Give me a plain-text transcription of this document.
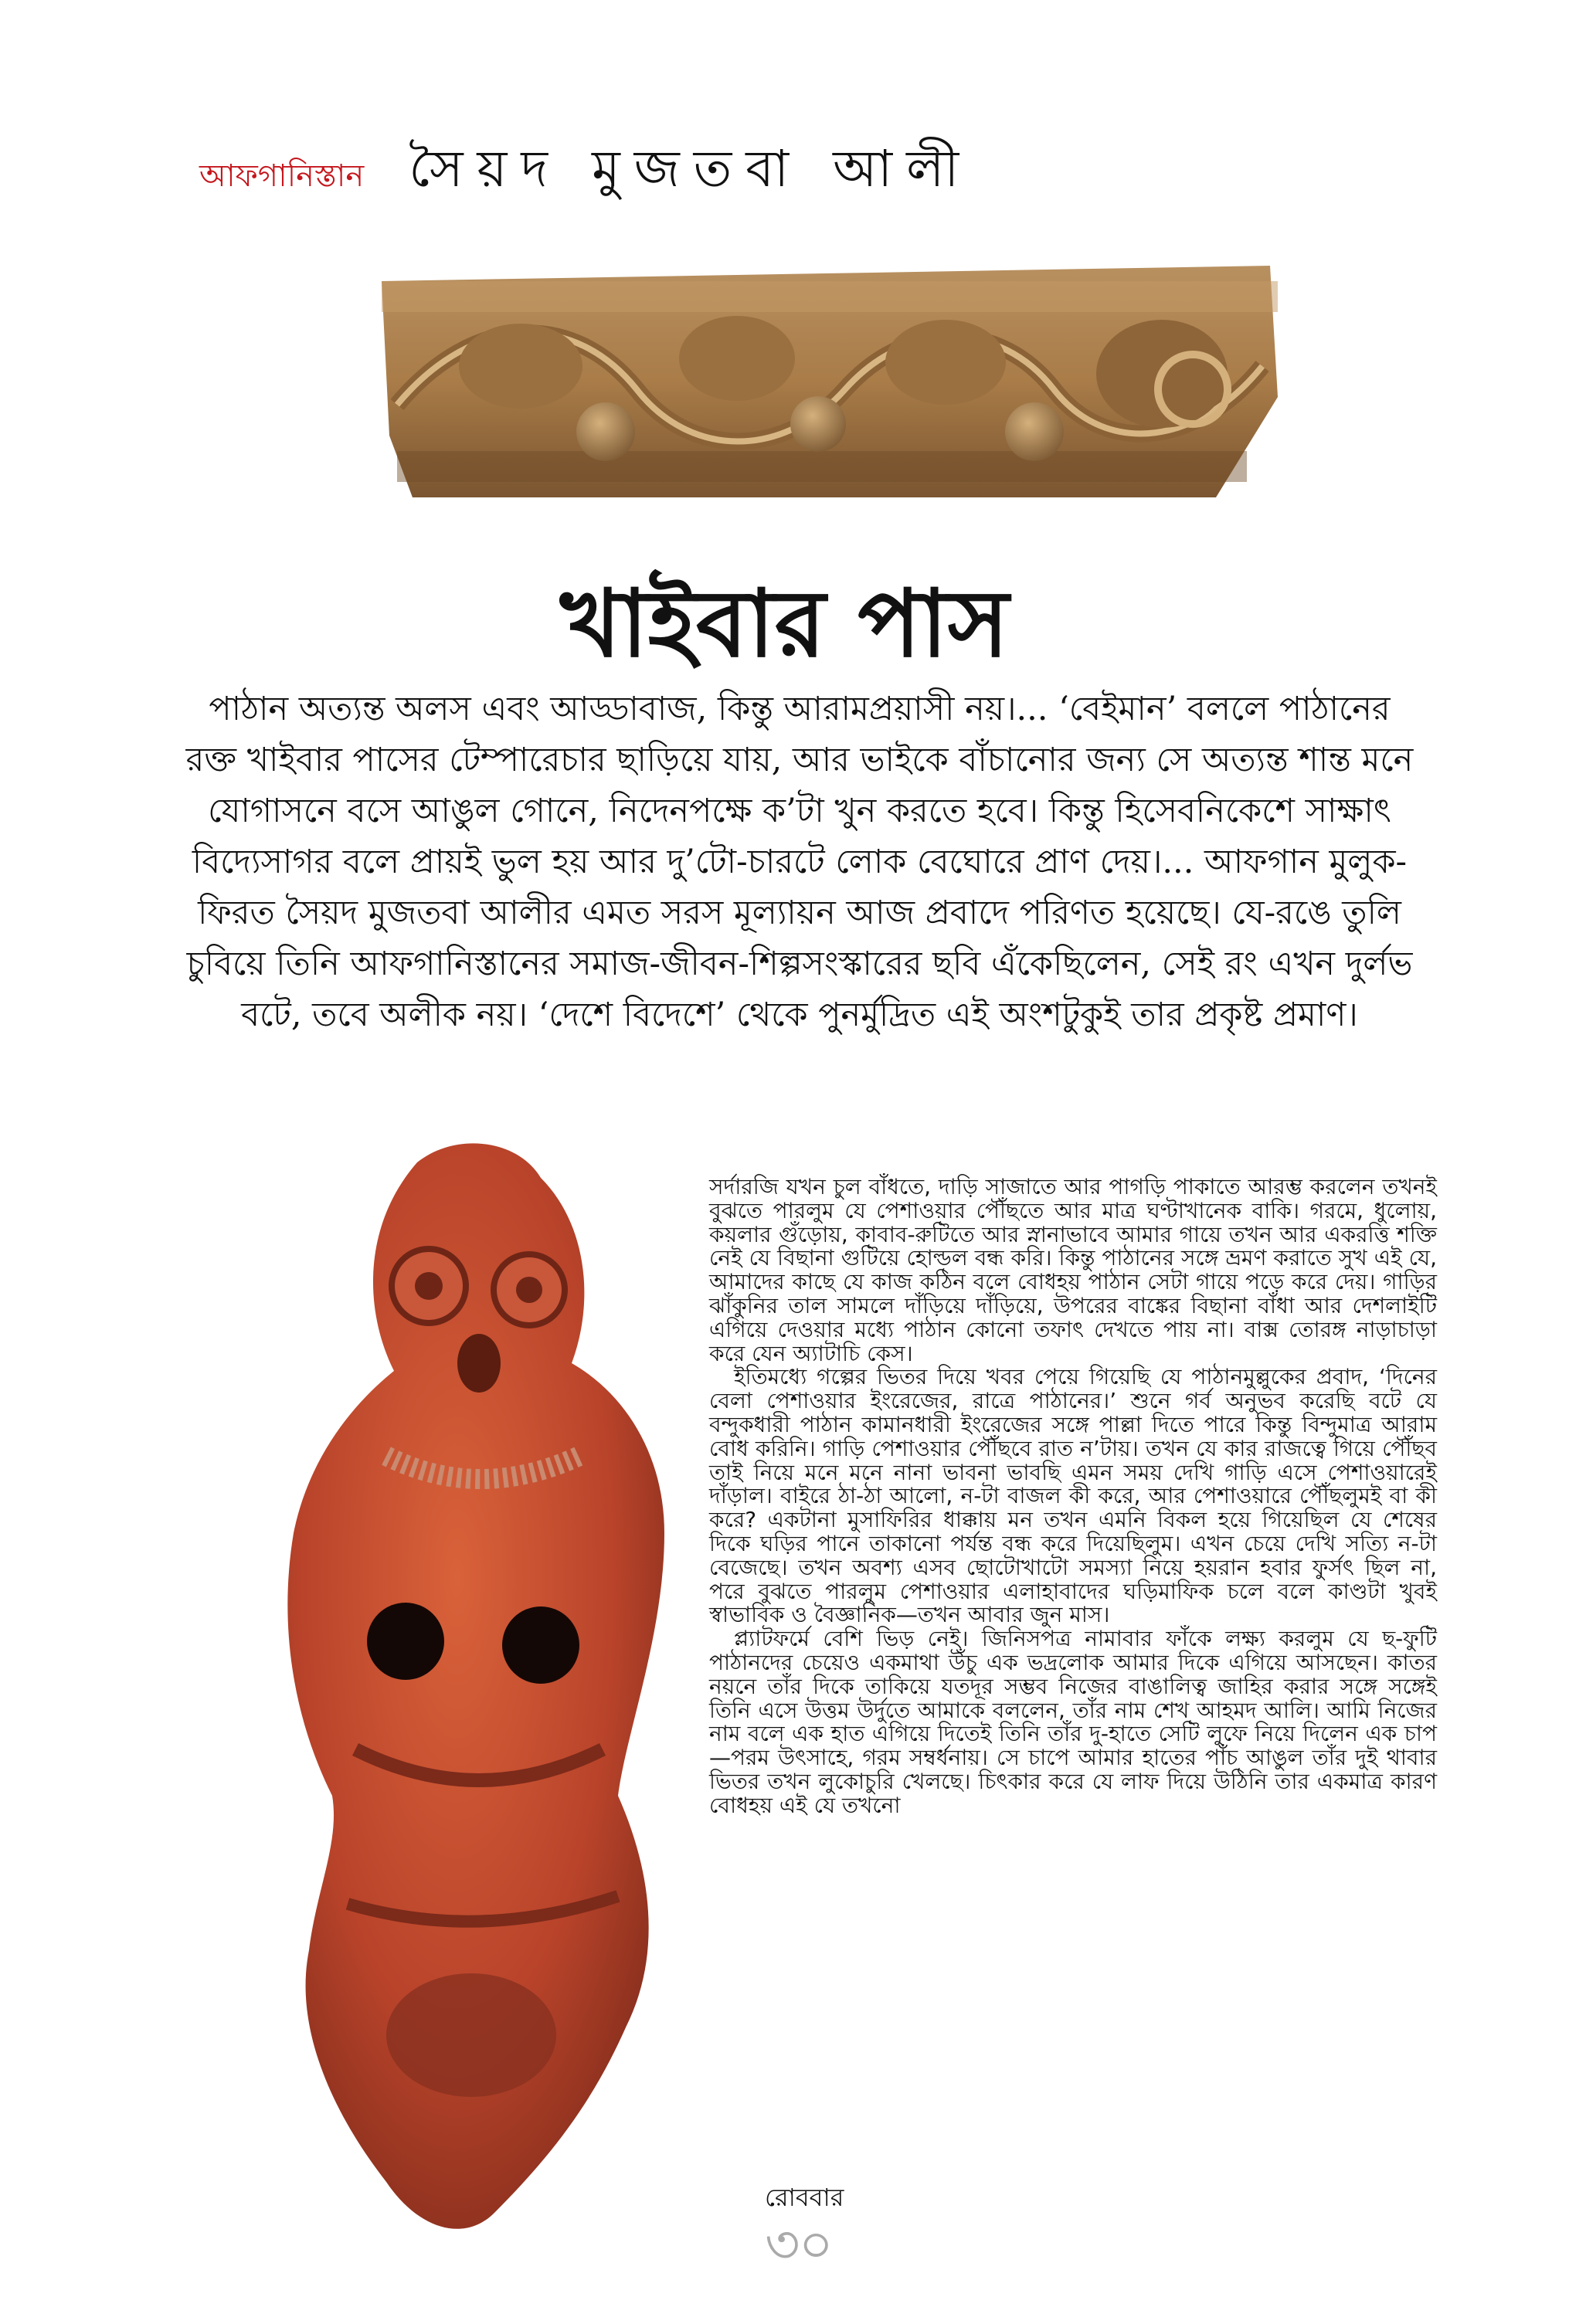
আফগানিস্তান সৈয়দ মুজতবা আলী
খাইবার পাস
পাঠান অত্যন্ত অলস এবং আড্ডাবাজ, কিন্তু আরামপ্রয়াসী নয়।... ‘বেইমান’ বললে পাঠানের রক্ত খাইবার পাসের টেম্পারেচার ছাড়িয়ে যায়, আর ভাইকে বাঁচানোর জন্য সে অত্যন্ত শান্ত মনে যোগাসনে বসে আঙুল গোনে, নিদেনপক্ষে ক’টা খুন করতে হবে। কিন্তু হিসেবনিকেশে সাক্ষাৎ বিদ্যেসাগর বলে প্রায়ই ভুল হয় আর দু’টো-চারটে লোক বেঘোরে প্রাণ দেয়।... আফগান মুলুক-ফিরত সৈয়দ মুজতবা আলীর এমত সরস মূল্যায়ন আজ প্রবাদে পরিণত হয়েছে। যে-রঙে তুলি চুবিয়ে তিনি আফগানিস্তানের সমাজ-জীবন-শিল্পসংস্কারের ছবি এঁকেছিলেন, সেই রং এখন দুর্লভ বটে, তবে অলীক নয়। ‘দেশে বিদেশে’ থেকে পুনর্মুদ্রিত এই অংশটুকুই তার প্রকৃষ্ট প্রমাণ।

সর্দারজি যখন চুল বাঁধতে, দাড়ি সাজাতে আর পাগড়ি পাকাতে আরম্ভ করলেন তখনই বুঝতে পারলুম যে পেশাওয়ার পৌঁছতে আর মাত্র ঘণ্টাখানেক বাকি। গরমে, ধুলোয়, কয়লার গুঁড়োয়, কাবাব-রুটিতে আর স্নানাভাবে আমার গায়ে তখন আর একরত্তি শক্তি নেই যে বিছানা গুটিয়ে হোল্ডল বন্ধ করি। কিন্তু পাঠানের সঙ্গে ভ্রমণ করাতে সুখ এই যে, আমাদের কাছে যে কাজ কঠিন বলে বোধহয় পাঠান সেটা গায়ে পড়ে করে দেয়। গাড়ির ঝাঁকুনির তাল সামলে দাঁড়িয়ে দাঁড়িয়ে, উপরের বাঙ্কের বিছানা বাঁধা আর দেশলাইটি এগিয়ে দেওয়ার মধ্যে পাঠান কোনো তফাৎ দেখতে পায় না। বাক্স তোরঙ্গ নাড়াচাড়া করে যেন অ্যাটাচি কেস।

ইতিমধ্যে গল্পের ভিতর দিয়ে খবর পেয়ে গিয়েছি যে পাঠানমুল্লুকের প্রবাদ, ‘দিনের বেলা পেশাওয়ার ইংরেজের, রাত্রে পাঠানের।’ শুনে গর্ব অনুভব করেছি বটে যে বন্দুকধারী পাঠান কামানধারী ইংরেজের সঙ্গে পাল্লা দিতে পারে কিন্তু বিন্দুমাত্র আরাম বোধ করিনি। গাড়ি পেশাওয়ার পৌঁছবে রাত ন’টায়। তখন যে কার রাজত্বে গিয়ে পৌঁছব তাই নিয়ে মনে মনে নানা ভাবনা ভাবছি এমন সময় দেখি গাড়ি এসে পেশাওয়ারেই দাঁড়াল। বাইরে ঠা-ঠা আলো, ন-টা বাজল কী করে, আর পেশাওয়ারে পৌঁছলুমই বা কী করে? একটানা মুসাফিরির ধাক্কায় মন তখন এমনি বিকল হয়ে গিয়েছিল যে শেষের দিকে ঘড়ির পানে তাকানো পর্যন্ত বন্ধ করে দিয়েছিলুম। এখন চেয়ে দেখি সত্যি ন-টা বেজেছে। তখন অবশ্য এসব ছোটোখাটো সমস্যা নিয়ে হয়রান হবার ফুর্সৎ ছিল না, পরে বুঝতে পারলুম পেশাওয়ার এলাহাবাদের ঘড়িমাফিক চলে বলে কাণ্ডটা খুবই স্বাভাবিক ও বৈজ্ঞানিক—তখন আবার জুন মাস।

প্ল্যাটফর্মে বেশি ভিড় নেই। জিনিসপত্র নামাবার ফাঁকে লক্ষ্য করলুম যে ছ-ফুটি পাঠানদের চেয়েও একমাথা উঁচু এক ভদ্রলোক আমার দিকে এগিয়ে আসছেন। কাতর নয়নে তাঁর দিকে তাকিয়ে যতদূর সম্ভব নিজের বাঙালিত্ব জাহির করার সঙ্গে সঙ্গেই তিনি এসে উত্তম উর্দুতে আমাকে বললেন, তাঁর নাম শেখ আহমদ আলি। আমি নিজের নাম বলে এক হাত এগিয়ে দিতেই তিনি তাঁর দু-হাতে সেটি লুফে নিয়ে দিলেন এক চাপ—পরম উৎসাহে, গরম সম্বর্ধনায়। সে চাপে আমার হাতের পাঁচ আঙুল তাঁর দুই থাবার ভিতর তখন লুকোচুরি খেলছে। চিৎকার করে যে লাফ দিয়ে উঠিনি তার একমাত্র কারণ বোধহয় এই যে তখনো

রোববার
৩০
